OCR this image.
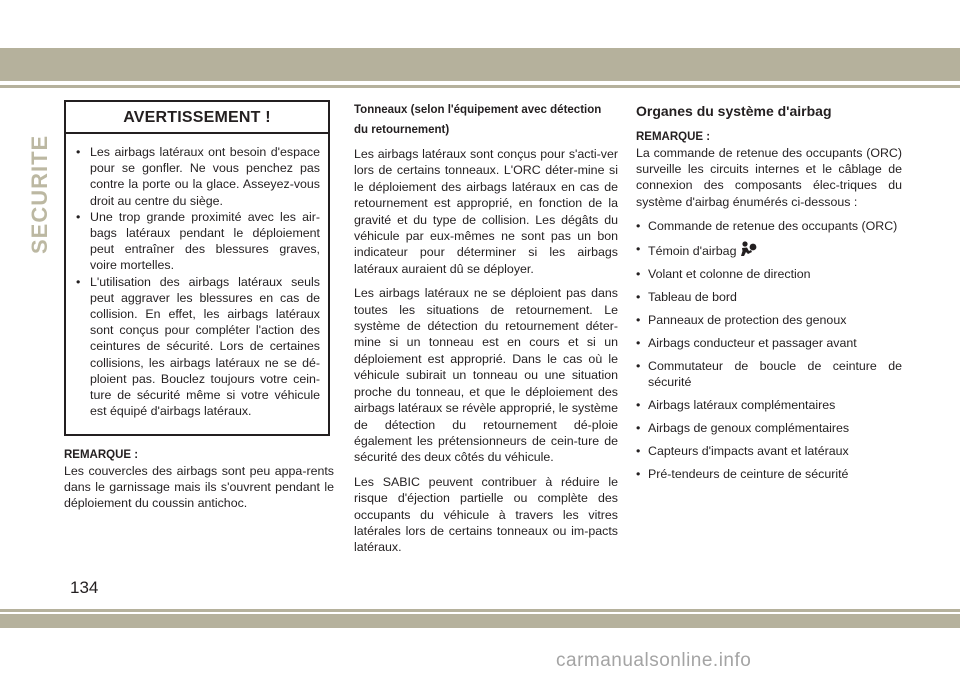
SECURITE
AVERTISSEMENT !
• Les airbags latéraux ont besoin d'espace pour se gonfler. Ne vous penchez pas contre la porte ou la glace. Asseyez-vous droit au centre du siège.
• Une trop grande proximité avec les air-bags latéraux pendant le déploiement peut entraîner des blessures graves, voire mortelles.
• L'utilisation des airbags latéraux seuls peut aggraver les blessures en cas de collision. En effet, les airbags latéraux sont conçus pour compléter l'action des ceintures de sécurité. Lors de certaines collisions, les airbags latéraux ne se dé-ploient pas. Bouclez toujours votre cein-ture de sécurité même si votre véhicule est équipé d'airbags latéraux.
REMARQUE :

Les couvercles des airbags sont peu appa-rents dans le garnissage mais ils s'ouvrent pendant le déploiement du coussin antichoc.

Tonneaux (selon l'équipement avec détection du retournement)

Les airbags latéraux sont conçus pour s'acti-ver lors de certains tonneaux. L'ORC déter-mine si le déploiement des airbags latéraux en cas de retournement est approprié, en fonction de la gravité et du type de collision. Les dégâts du véhicule par eux-mêmes ne sont pas un bon indicateur pour déterminer si les airbags latéraux auraient dû se déployer.

Les airbags latéraux ne se déploient pas dans toutes les situations de retournement. Le système de détection du retournement déter-mine si un tonneau est en cours et si un déploiement est approprié. Dans le cas où le véhicule subirait un tonneau ou une situation proche du tonneau, et que le déploiement des airbags latéraux se révèle approprié, le système de détection du retournement dé-ploie également les prétensionneurs de cein-ture de sécurité des deux côtés du véhicule.

Les SABIC peuvent contribuer à réduire le risque d'éjection partielle ou complète des occupants du véhicule à travers les vitres latérales lors de certains tonneaux ou im-pacts latéraux.

Organes du système d'airbag
REMARQUE :

La commande de retenue des occupants (ORC) surveille les circuits internes et le câblage de connexion des composants élec-triques du système d'airbag énumérés ci-dessous :

• Commande de retenue des occupants (ORC)
• Témoin d'airbag
• Volant et colonne de direction
• Tableau de bord
• Panneaux de protection des genoux
• Airbags conducteur et passager avant
• Commutateur de boucle de ceinture de sécurité
• Airbags latéraux complémentaires
• Airbags de genoux complémentaires
• Capteurs d'impacts avant et latéraux
• Pré-tendeurs de ceinture de sécurité
134
carmanualsonline.info
